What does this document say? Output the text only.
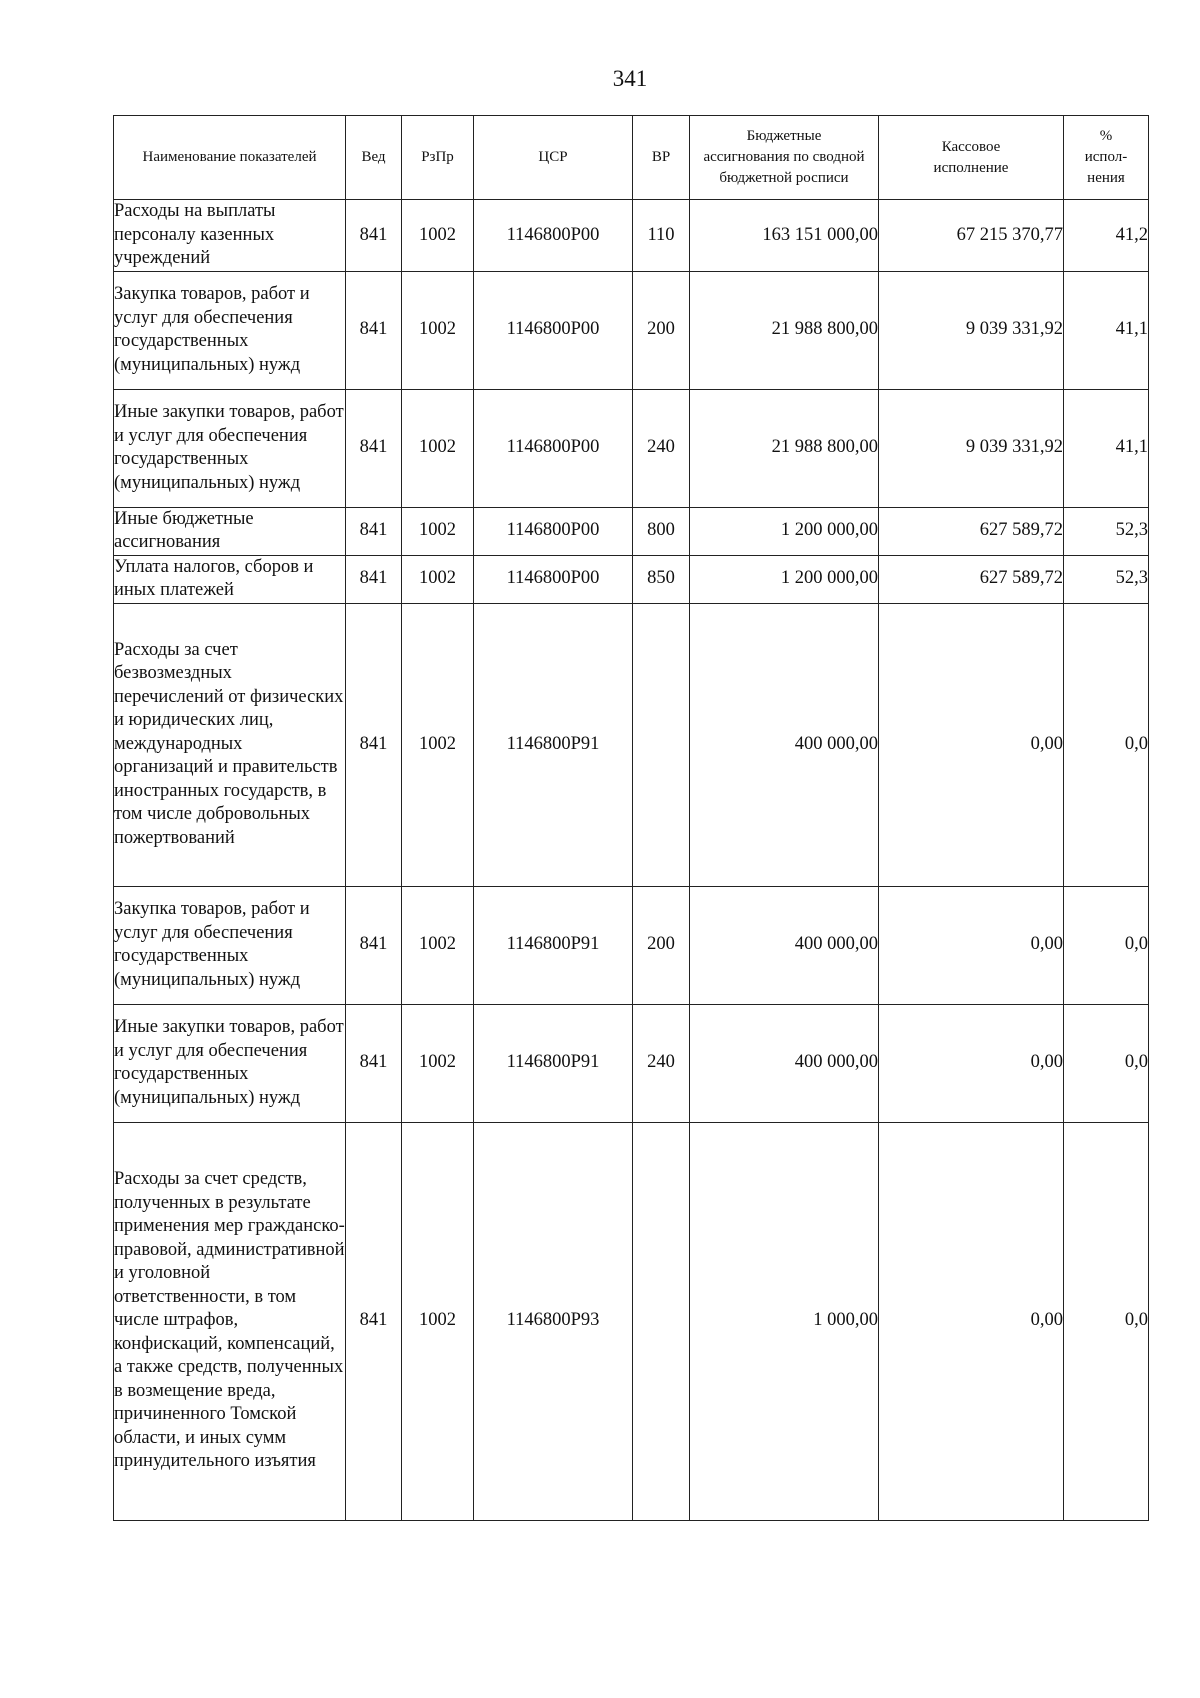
341
Наименование показателей	Вед	РзПр	ЦСР	ВР	Бюджетные ассигнования по сводной бюджетной росписи	Кассовое исполнение	% испол-нения
Расходы на выплаты персоналу казенных учреждений	841	1002	1146800Р00	110	163 151 000,00	67 215 370,77	41,2
Закупка товаров, работ и услуг для обеспечения государственных (муниципальных) нужд	841	1002	1146800Р00	200	21 988 800,00	9 039 331,92	41,1
Иные закупки товаров, работ и услуг для обеспечения государственных (муниципальных) нужд	841	1002	1146800Р00	240	21 988 800,00	9 039 331,92	41,1
Иные бюджетные ассигнования	841	1002	1146800Р00	800	1 200 000,00	627 589,72	52,3
Уплата налогов, сборов и иных платежей	841	1002	1146800Р00	850	1 200 000,00	627 589,72	52,3
Расходы за счет безвозмездных перечислений от физических и юридических лиц, международных организаций и правительств иностранных государств, в том числе добровольных пожертвований	841	1002	1146800Р91		400 000,00	0,00	0,0
Закупка товаров, работ и услуг для обеспечения государственных (муниципальных) нужд	841	1002	1146800Р91	200	400 000,00	0,00	0,0
Иные закупки товаров, работ и услуг для обеспечения государственных (муниципальных) нужд	841	1002	1146800Р91	240	400 000,00	0,00	0,0
Расходы за счет средств, полученных в результате применения мер гражданско-правовой, административной и уголовной ответственности, в том числе штрафов, конфискаций, компенсаций, а также средств, полученных в возмещение вреда, причиненного Томской области, и иных сумм принудительного изъятия	841	1002	1146800Р93		1 000,00	0,00	0,0
